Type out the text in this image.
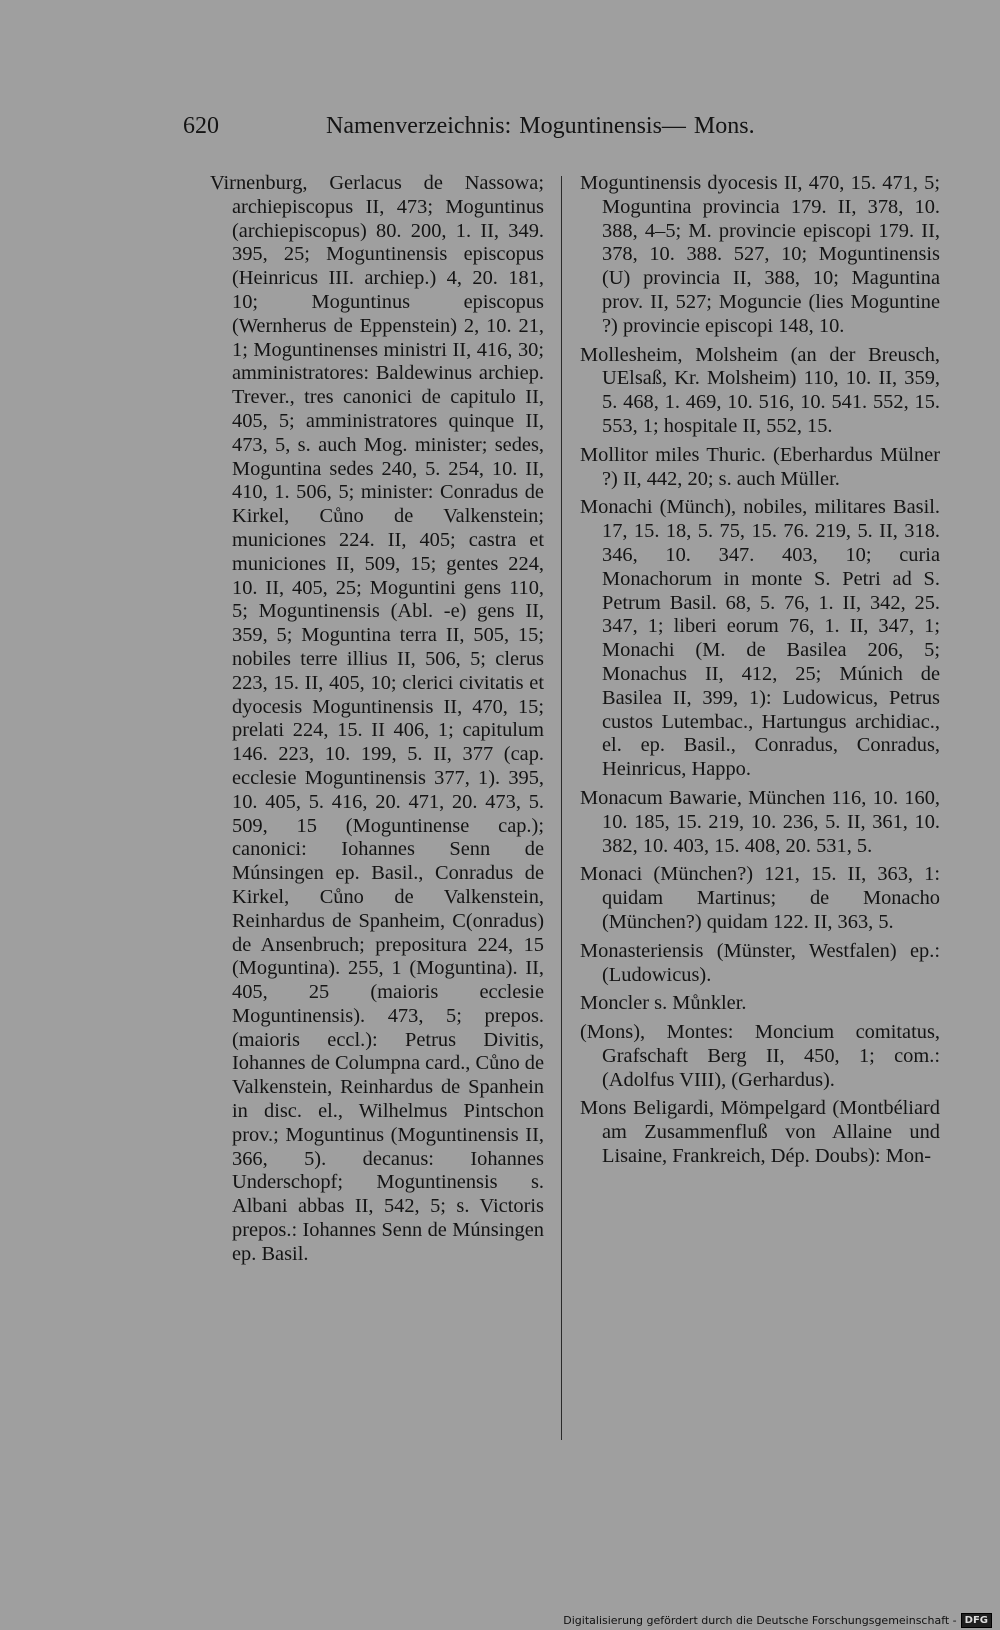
620	Namenverzeichnis: Moguntinensis— Mons.

Virnenburg, Gerlacus de Nassowa; archiepiscopus II, 473; Moguntinus (archiepiscopus) 80. 200, 1. II, 349. 395, 25; Moguntinensis episcopus (Heinricus III. archiep.) 4, 20. 181, 10; Moguntinus episcopus (Wernherus de Eppenstein) 2, 10. 21, 1; Moguntinenses ministri II, 416, 30; amministratores: Baldewinus archiep. Trever., tres canonici de capitulo II, 405, 5; amministratores quinque II, 473, 5, s. auch Mog. minister; sedes, Moguntina sedes 240, 5. 254, 10. II, 410, 1. 506, 5; minister: Conradus de Kirkel, Cůno de Valkenstein; municiones 224. II, 405; castra et municiones II, 509, 15; gentes 224, 10. II, 405, 25; Moguntini gens 110, 5; Moguntinensis (Abl. -e) gens II, 359, 5; Moguntina terra II, 505, 15; nobiles terre illius II, 506, 5; clerus 223, 15. II, 405, 10; clerici civitatis et dyocesis Moguntinensis II, 470, 15; prelati 224, 15. II 406, 1; capitulum 146. 223, 10. 199, 5. II, 377 (cap. ecclesie Moguntinensis 377, 1). 395, 10. 405, 5. 416, 20. 471, 20. 473, 5. 509, 15 (Moguntinense cap.); canonici: Iohannes Senn de Múnsingen ep. Basil., Conradus de Kirkel, Cůno de Valkenstein, Reinhardus de Spanheim, C(onradus) de Ansenbruch; prepositura 224, 15 (Moguntina). 255, 1 (Moguntina). II, 405, 25 (maioris ecclesie Moguntinensis). 473, 5; prepos. (maioris eccl.): Petrus Divitis, Iohannes de Columpna card., Cůno de Valkenstein, Reinhardus de Spanhein in disc. el., Wilhelmus Pintschon prov.; Moguntinus (Moguntinensis II, 366, 5). decanus: Iohannes Underschopf; Moguntinensis s. Albani abbas II, 542, 5; s. Victoris prepos.: Iohannes Senn de Múnsingen ep. Basil.

Moguntinensis dyocesis II, 470, 15. 471, 5; Moguntina provincia 179. II, 378, 10. 388, 4–5; M. provincie episcopi 179. II, 378, 10. 388. 527, 10; Moguntinensis (U) provincia II, 388, 10; Maguntina prov. II, 527; Moguncie (lies Moguntine ?) provincie episcopi 148, 10.

Mollesheim, Molsheim (an der Breusch, UElsaß, Kr. Molsheim) 110, 10. II, 359, 5. 468, 1. 469, 10. 516, 10. 541. 552, 15. 553, 1; hospitale II, 552, 15.

Mollitor miles Thuric. (Eberhardus Mülner ?) II, 442, 20; s. auch Müller.

Monachi (Münch), nobiles, militares Basil. 17, 15. 18, 5. 75, 15. 76. 219, 5. II, 318. 346, 10. 347. 403, 10; curia Monachorum in monte S. Petri ad S. Petrum Basil. 68, 5. 76, 1. II, 342, 25. 347, 1; liberi eorum 76, 1. II, 347, 1; Monachi (M. de Basilea 206, 5; Monachus II, 412, 25; Múnich de Basilea II, 399, 1): Ludowicus, Petrus custos Lutembac., Hartungus archidiac., el. ep. Basil., Conradus, Conradus, Heinricus, Happo.

Monacum Bawarie, München 116, 10. 160, 10. 185, 15. 219, 10. 236, 5. II, 361, 10. 382, 10. 403, 15. 408, 20. 531, 5.

Monaci (München?) 121, 15. II, 363, 1: quidam Martinus; de Monacho (München?) quidam 122. II, 363, 5.

Monasteriensis (Münster, Westfalen) ep.: (Ludowicus).

Moncler s. Můnkler.

(Mons), Montes: Moncium comitatus, Grafschaft Berg II, 450, 1; com.: (Adolfus VIII), (Gerhardus).

Mons Beligardi, Mömpelgard (Montbéliard am Zusammenfluß von Allaine und Lisaine, Frankreich, Dép. Doubs): Mon-

Digitalisierung gefördert durch die Deutsche Forschungsgemeinschaft - DFG
